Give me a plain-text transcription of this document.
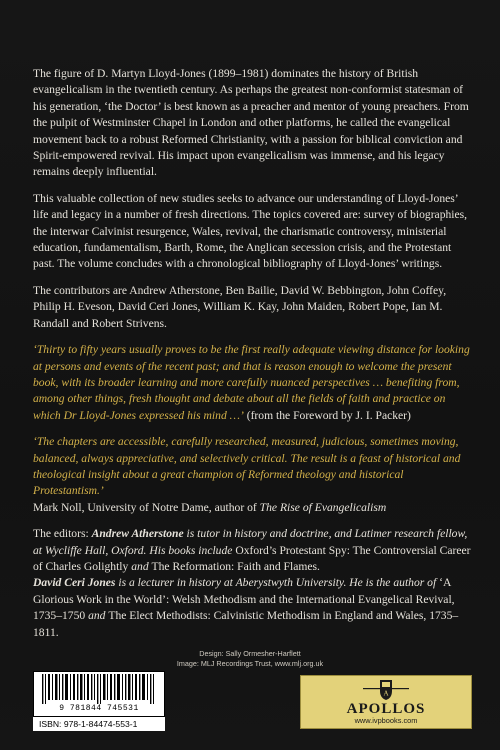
The figure of D. Martyn Lloyd-Jones (1899–1981) dominates the history of British evangelicalism in the twentieth century. As perhaps the greatest non-conformist statesman of his generation, ‘the Doctor’ is best known as a preacher and mentor of young preachers. From the pulpit of Westminster Chapel in London and other platforms, he called the evangelical movement back to a robust Reformed Christianity, with a passion for biblical conviction and Spirit-empowered revival. His impact upon evangelicalism was immense, and his legacy remains deeply influential.

This valuable collection of new studies seeks to advance our understanding of Lloyd-Jones’ life and legacy in a number of fresh directions. The topics covered are: survey of biographies, the interwar Calvinist resurgence, Wales, revival, the charismatic controversy, ministerial education, fundamentalism, Barth, Rome, the Anglican secession crisis, and the Protestant past. The volume concludes with a chronological bibliography of Lloyd-Jones’ writings.

The contributors are Andrew Atherstone, Ben Bailie, David W. Bebbington, John Coffey, Philip H. Eveson, David Ceri Jones, William K. Kay, John Maiden, Robert Pope, Ian M. Randall and Robert Strivens.

‘Thirty to fifty years usually proves to be the first really adequate viewing distance for looking at persons and events of the recent past; and that is reason enough to welcome the present book, with its broader learning and more carefully nuanced perspectives … benefiting from, among other things, fresh thought and debate about all the fields of faith and practice on which Dr Lloyd-Jones expressed his mind …’ (from the Foreword by J. I. Packer)

‘The chapters are accessible, carefully researched, measured, judicious, sometimes moving, balanced, always appreciative, and selectively critical. The result is a feast of historical and theological insight about a great champion of Reformed theology and historical Protestantism.’
Mark Noll, University of Notre Dame, author of The Rise of Evangelicalism

The editors: Andrew Atherstone is tutor in history and doctrine, and Latimer research fellow, at Wycliffe Hall, Oxford. His books include Oxford’s Protestant Spy: The Controversial Career of Charles Golightly and The Reformation: Faith and Flames.
David Ceri Jones is a lecturer in history at Aberystwyth University. He is the author of ‘A Glorious Work in the World’: Welsh Methodism and the International Evangelical Revival, 1735–1750 and The Elect Methodists: Calvinistic Methodism in England and Wales, 1735–1811.

Design: Sally Ormesher-Harflett
Image: MLJ Recordings Trust, www.mlj.org.uk
9 781844 745531
ISBN: 978-1-84474-553-1
A
APOLLOS
www.ivpbooks.com
